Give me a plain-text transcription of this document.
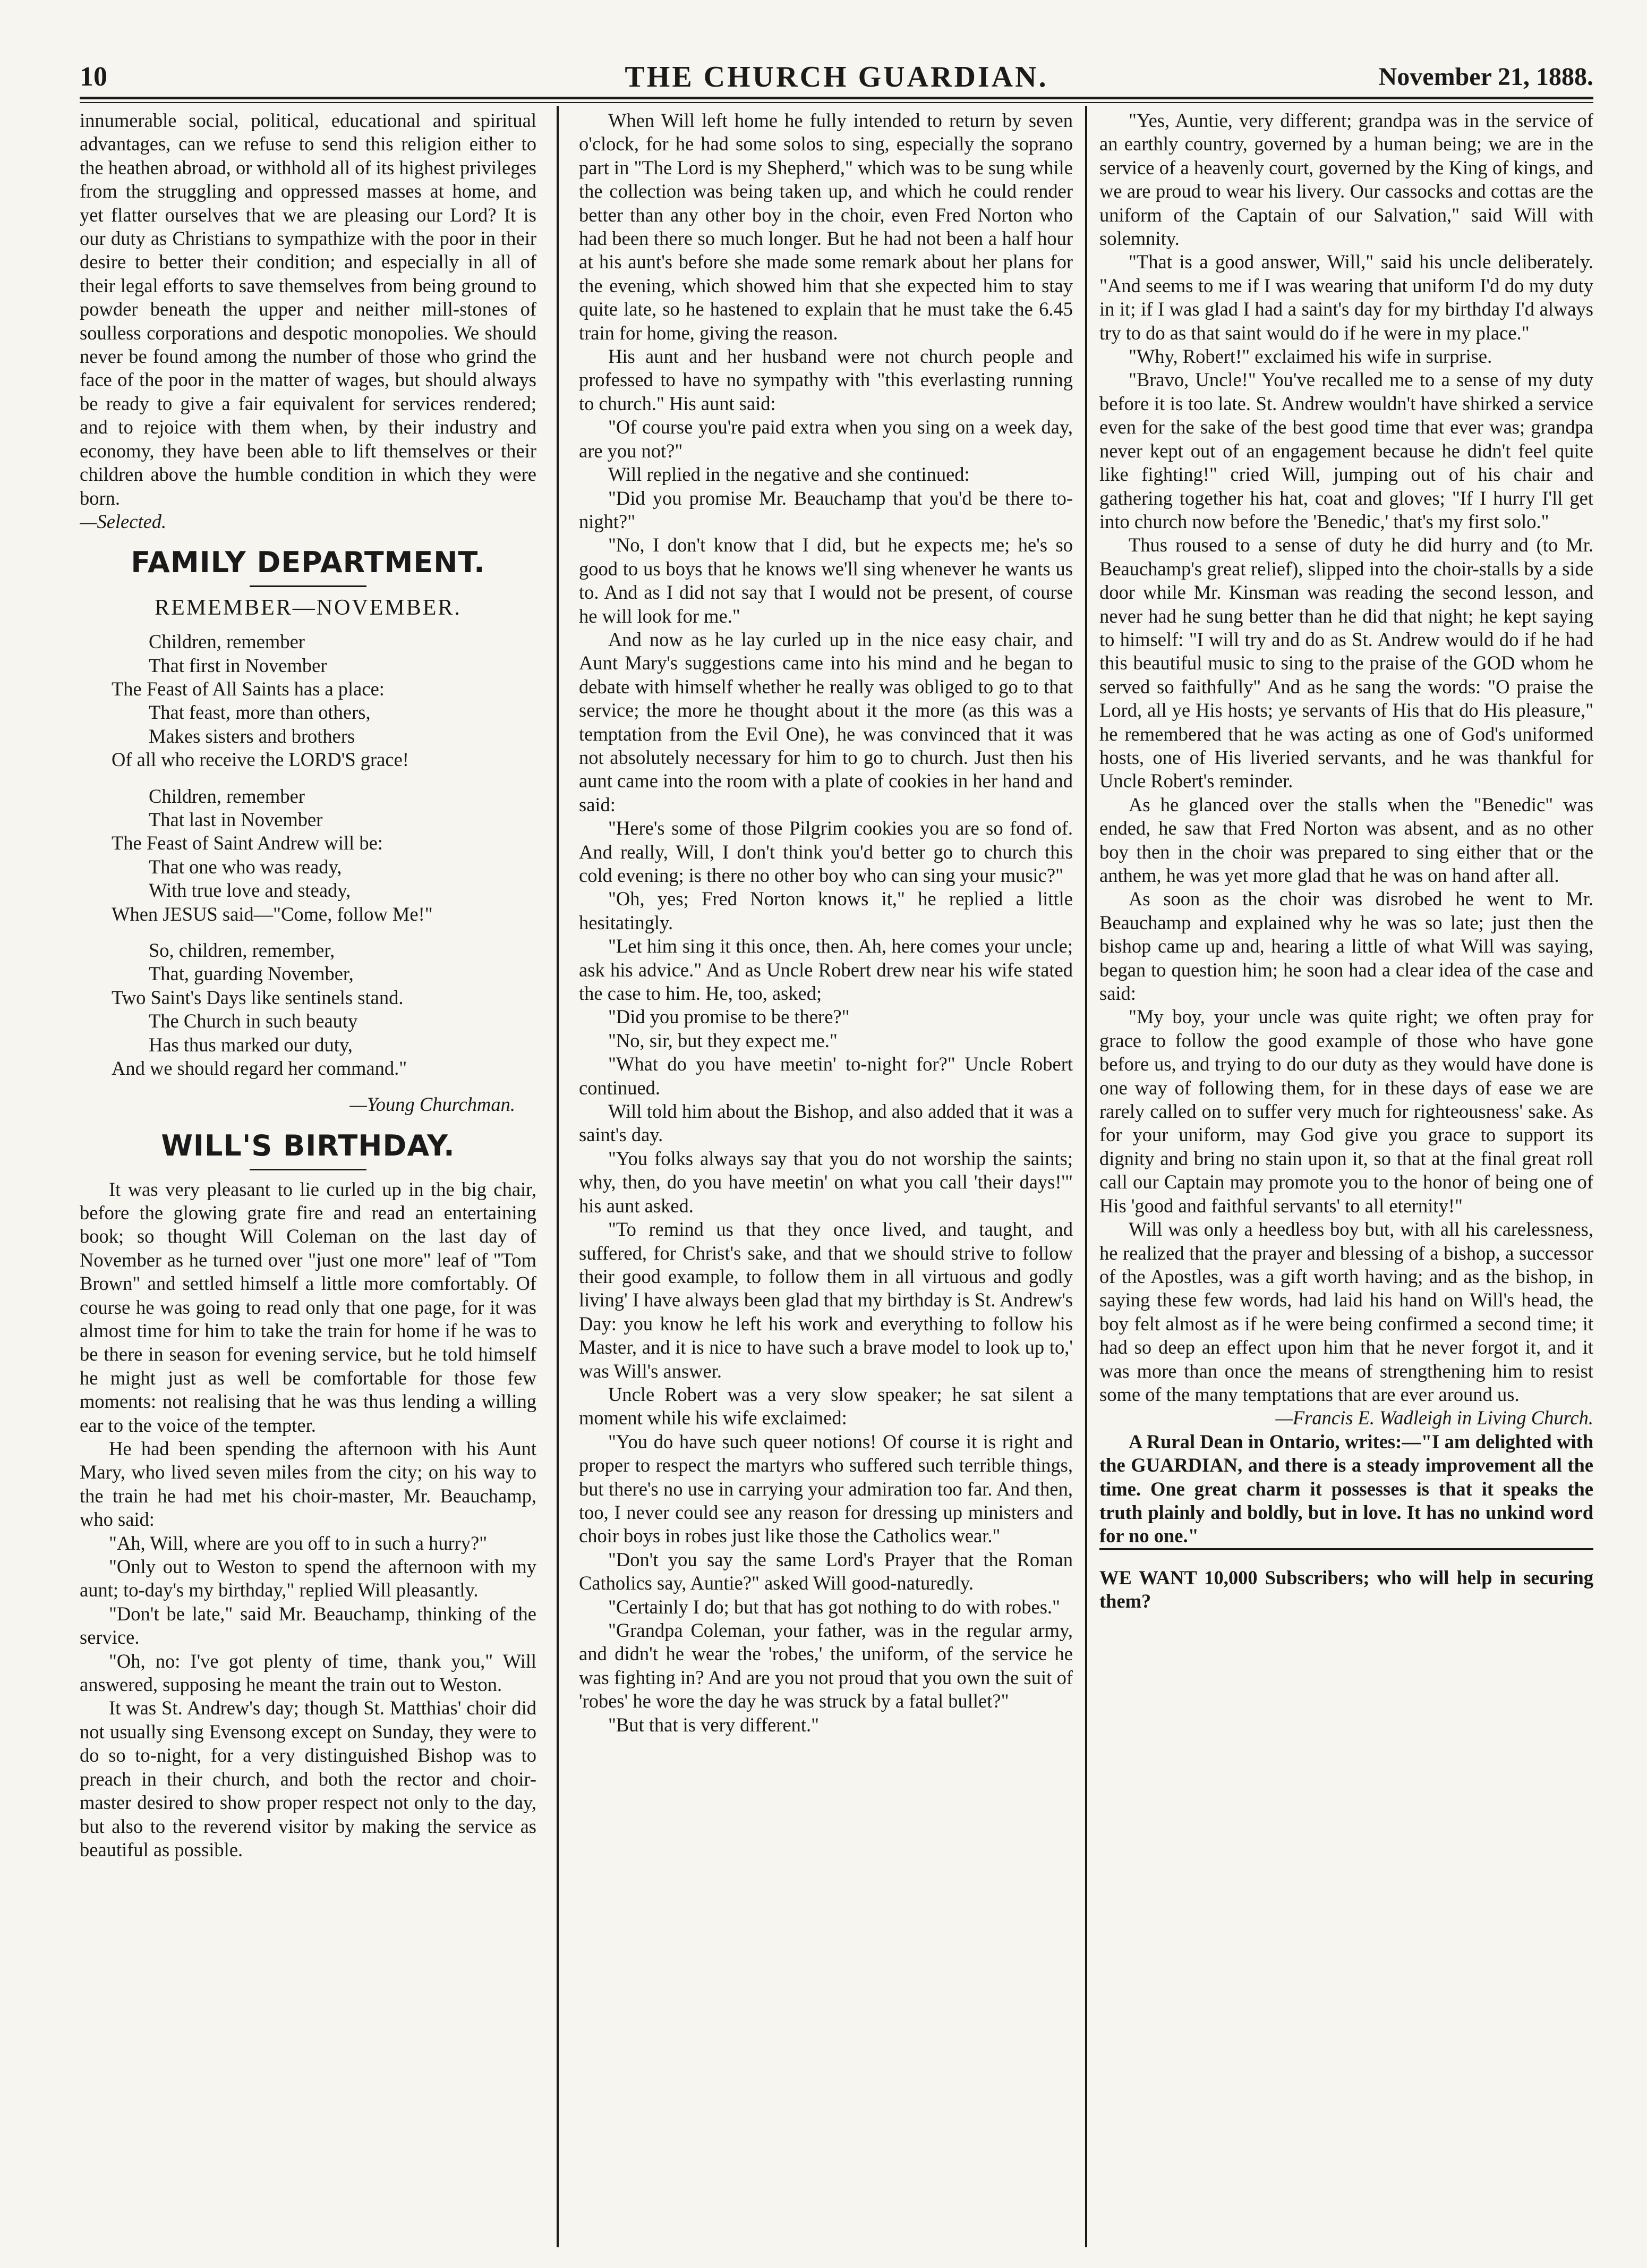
10	THE CHURCH GUARDIAN.	November 21, 1888.

innumerable social, political, educational and spiritual advantages, can we refuse to send this religion either to the heathen abroad, or withhold all of its highest privileges from the struggling and oppressed masses at home, and yet flatter ourselves that we are pleasing our Lord? It is our duty as Christians to sympathize with the poor in their desire to better their condition; and especially in all of their legal efforts to save themselves from being ground to powder beneath the upper and neither mill-stones of soulless corporations and despotic monopolies. We should never be found among the number of those who grind the face of the poor in the matter of wages, but should always be ready to give a fair equivalent for services rendered; and to rejoice with them when, by their industry and economy, they have been able to lift themselves or their children above the humble condition in which they were born.

—Selected.

FAMILY DEPARTMENT.
REMEMBER—NOVEMBER.
Children, remember
That first in November
The Feast of All Saints has a place:
That feast, more than others,
Makes sisters and brothers
Of all who receive the LORD'S grace!
Children, remember
That last in November
The Feast of Saint Andrew will be:
That one who was ready,
With true love and steady,
When JESUS said—"Come, follow Me!"
So, children, remember,
That, guarding November,
Two Saint's Days like sentinels stand.
The Church in such beauty
Has thus marked our duty,
And we should regard her command."
—Young Churchman.
WILL'S BIRTHDAY.

It was very pleasant to lie curled up in the big chair, before the glowing grate fire and read an entertaining book; so thought Will Coleman on the last day of November as he turned over "just one more" leaf of "Tom Brown" and settled himself a little more comfortably. Of course he was going to read only that one page, for it was almost time for him to take the train for home if he was to be there in season for evening service, but he told himself he might just as well be comfortable for those few moments: not realising that he was thus lending a willing ear to the voice of the tempter.

He had been spending the afternoon with his Aunt Mary, who lived seven miles from the city; on his way to the train he had met his choir-master, Mr. Beauchamp, who said:

"Ah, Will, where are you off to in such a hurry?"

"Only out to Weston to spend the afternoon with my aunt; to-day's my birthday," replied Will pleasantly.

"Don't be late," said Mr. Beauchamp, thinking of the service.

"Oh, no: I've got plenty of time, thank you," Will answered, supposing he meant the train out to Weston.

It was St. Andrew's day; though St. Matthias' choir did not usually sing Evensong except on Sunday, they were to do so to-night, for a very distinguished Bishop was to preach in their church, and both the rector and choir-master desired to show proper respect not only to the day, but also to the reverend visitor by making the service as beautiful as possible.

When Will left home he fully intended to return by seven o'clock, for he had some solos to sing, especially the soprano part in "The Lord is my Shepherd," which was to be sung while the collection was being taken up, and which he could render better than any other boy in the choir, even Fred Norton who had been there so much longer. But he had not been a half hour at his aunt's before she made some remark about her plans for the evening, which showed him that she expected him to stay quite late, so he hastened to explain that he must take the 6.45 train for home, giving the reason.

His aunt and her husband were not church people and professed to have no sympathy with "this everlasting running to church." His aunt said:

"Of course you're paid extra when you sing on a week day, are you not?"

Will replied in the negative and she continued:

"Did you promise Mr. Beauchamp that you'd be there to-night?"

"No, I don't know that I did, but he expects me; he's so good to us boys that he knows we'll sing whenever he wants us to. And as I did not say that I would not be present, of course he will look for me."

And now as he lay curled up in the nice easy chair, and Aunt Mary's suggestions came into his mind and he began to debate with himself whether he really was obliged to go to that service; the more he thought about it the more (as this was a temptation from the Evil One), he was convinced that it was not absolutely necessary for him to go to church. Just then his aunt came into the room with a plate of cookies in her hand and said:

"Here's some of those Pilgrim cookies you are so fond of. And really, Will, I don't think you'd better go to church this cold evening; is there no other boy who can sing your music?"

"Oh, yes; Fred Norton knows it," he replied a little hesitatingly.

"Let him sing it this once, then. Ah, here comes your uncle; ask his advice." And as Uncle Robert drew near his wife stated the case to him. He, too, asked;

"Did you promise to be there?"

"No, sir, but they expect me."

"What do you have meetin' to-night for?" Uncle Robert continued.

Will told him about the Bishop, and also added that it was a saint's day.

"You folks always say that you do not worship the saints; why, then, do you have meetin' on what you call 'their days!'" his aunt asked.

"To remind us that they once lived, and taught, and suffered, for Christ's sake, and that we should strive to follow their good example, to follow them in all virtuous and godly living' I have always been glad that my birthday is St. Andrew's Day: you know he left his work and everything to follow his Master, and it is nice to have such a brave model to look up to,' was Will's answer.

Uncle Robert was a very slow speaker; he sat silent a moment while his wife exclaimed:

"You do have such queer notions! Of course it is right and proper to respect the martyrs who suffered such terrible things, but there's no use in carrying your admiration too far. And then, too, I never could see any reason for dressing up ministers and choir boys in robes just like those the Catholics wear."

"Don't you say the same Lord's Prayer that the Roman Catholics say, Auntie?" asked Will good-naturedly.

"Certainly I do; but that has got nothing to do with robes."

"Grandpa Coleman, your father, was in the regular army, and didn't he wear the 'robes,' the uniform, of the service he was fighting in? And are you not proud that you own the suit of 'robes' he wore the day he was struck by a fatal bullet?"

"But that is very different."

"Yes, Auntie, very different; grandpa was in the service of an earthly country, governed by a human being; we are in the service of a heavenly court, governed by the King of kings, and we are proud to wear his livery. Our cassocks and cottas are the uniform of the Captain of our Salvation," said Will with solemnity.

"That is a good answer, Will," said his uncle deliberately. "And seems to me if I was wearing that uniform I'd do my duty in it; if I was glad I had a saint's day for my birthday I'd always try to do as that saint would do if he were in my place."

"Why, Robert!" exclaimed his wife in surprise.

"Bravo, Uncle!" You've recalled me to a sense of my duty before it is too late. St. Andrew wouldn't have shirked a service even for the sake of the best good time that ever was; grandpa never kept out of an engagement because he didn't feel quite like fighting!" cried Will, jumping out of his chair and gathering together his hat, coat and gloves; "If I hurry I'll get into church now before the 'Benedic,' that's my first solo."

Thus roused to a sense of duty he did hurry and (to Mr. Beauchamp's great relief), slipped into the choir-stalls by a side door while Mr. Kinsman was reading the second lesson, and never had he sung better than he did that night; he kept saying to himself: "I will try and do as St. Andrew would do if he had this beautiful music to sing to the praise of the GOD whom he served so faithfully" And as he sang the words: "O praise the Lord, all ye His hosts; ye servants of His that do His pleasure," he remembered that he was acting as one of God's uniformed hosts, one of His liveried servants, and he was thankful for Uncle Robert's reminder.

As he glanced over the stalls when the "Benedic" was ended, he saw that Fred Norton was absent, and as no other boy then in the choir was prepared to sing either that or the anthem, he was yet more glad that he was on hand after all.

As soon as the choir was disrobed he went to Mr. Beauchamp and explained why he was so late; just then the bishop came up and, hearing a little of what Will was saying, began to question him; he soon had a clear idea of the case and said:

"My boy, your uncle was quite right; we often pray for grace to follow the good example of those who have gone before us, and trying to do our duty as they would have done is one way of following them, for in these days of ease we are rarely called on to suffer very much for righteousness' sake. As for your uniform, may God give you grace to support its dignity and bring no stain upon it, so that at the final great roll call our Captain may promote you to the honor of being one of His 'good and faithful servants' to all eternity!"

Will was only a heedless boy but, with all his carelessness, he realized that the prayer and blessing of a bishop, a successor of the Apostles, was a gift worth having; and as the bishop, in saying these few words, had laid his hand on Will's head, the boy felt almost as if he were being confirmed a second time; it had so deep an effect upon him that he never forgot it, and it was more than once the means of strengthening him to resist some of the many temptations that are ever around us.

—Francis E. Wadleigh in Living Church.

A Rural Dean in Ontario, writes:—"I am delighted with the GUARDIAN, and there is a steady improvement all the time. One great charm it possesses is that it speaks the truth plainly and boldly, but in love. It has no unkind word for no one."

WE WANT 10,000 Subscribers; who will help in securing them?
